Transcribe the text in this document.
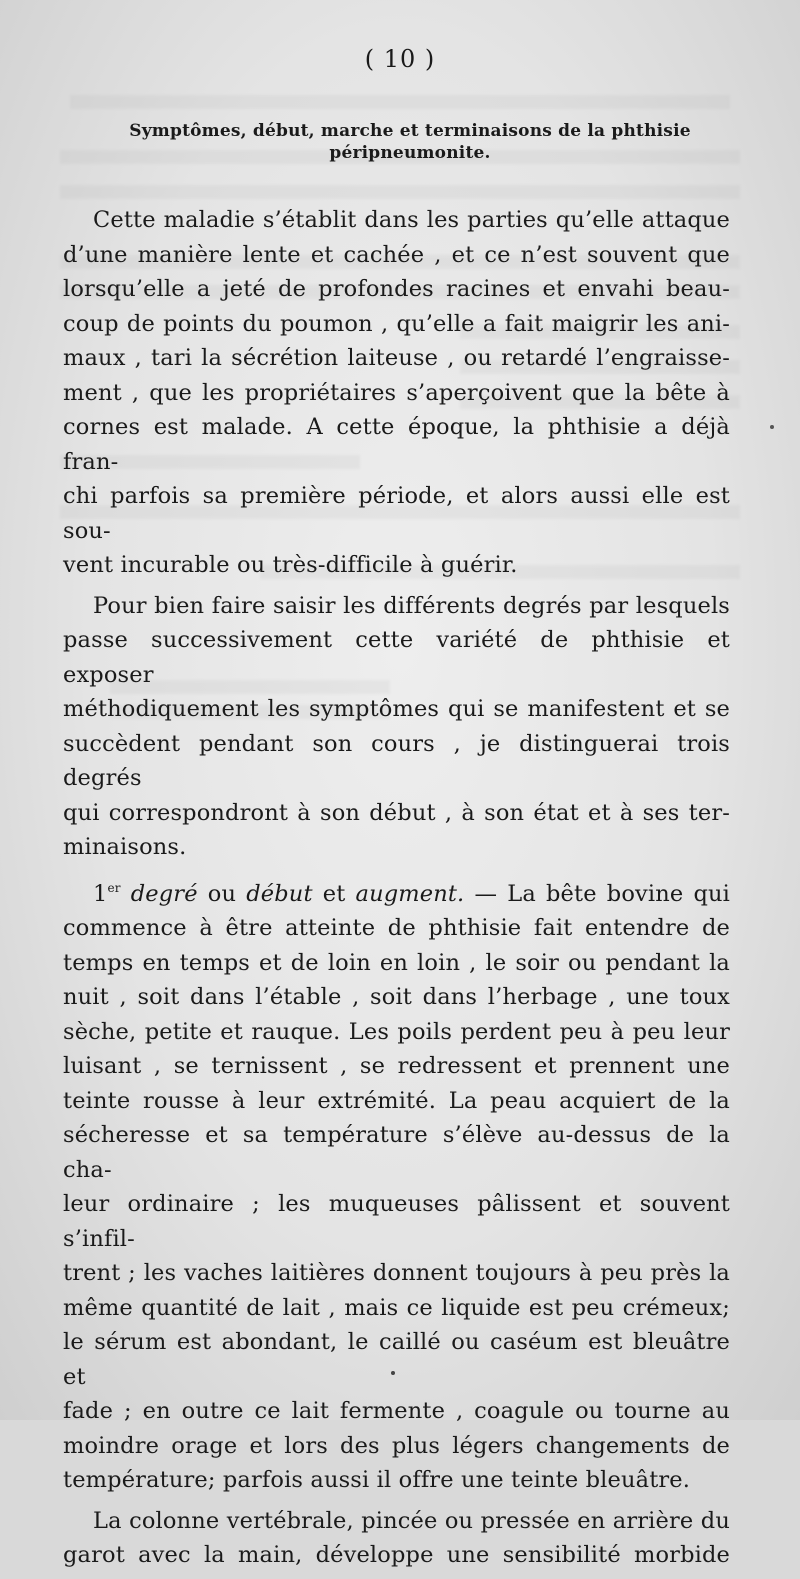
( 10 )
Symptômes, début, marche et terminaisons de la phthisie
péripneumonite.
Cette maladie s’établit dans les parties qu’elle attaque
d’une manière lente et cachée , et ce n’est souvent que
lorsqu’elle a jeté de profondes racines et envahi beau-
coup de points du poumon , qu’elle a fait maigrir les ani-
maux , tari la sécrétion laiteuse , ou retardé l’engraisse-
ment , que les propriétaires s’aperçoivent que la bête à
cornes est malade. A cette époque, la phthisie a déjà fran-
chi parfois sa première période, et alors aussi elle est sou-
vent incurable ou très-difficile à guérir.
Pour bien faire saisir les différents degrés par lesquels
passe successivement cette variété de phthisie et exposer
méthodiquement les symptômes qui se manifestent et se
succèdent pendant son cours , je distinguerai trois degrés
qui correspondront à son début , à son état et à ses ter-
minaisons.
1er degré ou début et augment. — La bête bovine qui
commence à être atteinte de phthisie fait entendre de
temps en temps et de loin en loin , le soir ou pendant la
nuit , soit dans l’étable , soit dans l’herbage , une toux
sèche, petite et rauque. Les poils perdent peu à peu leur
luisant , se ternissent , se redressent et prennent une
teinte rousse à leur extrémité. La peau acquiert de la
sécheresse et sa température s’élève au-dessus de la cha-
leur ordinaire ; les muqueuses pâlissent et souvent s’infil-
trent ; les vaches laitières donnent toujours à peu près la
même quantité de lait , mais ce liquide est peu crémeux;
le sérum est abondant, le caillé ou caséum est bleuâtre et
fade ; en outre ce lait fermente , coagule ou tourne au
moindre orage et lors des plus légers changements de
température; parfois aussi il offre une teinte bleuâtre.
La colonne vertébrale, pincée ou pressée en arrière du
garot avec la main, développe une sensibilité morbide
